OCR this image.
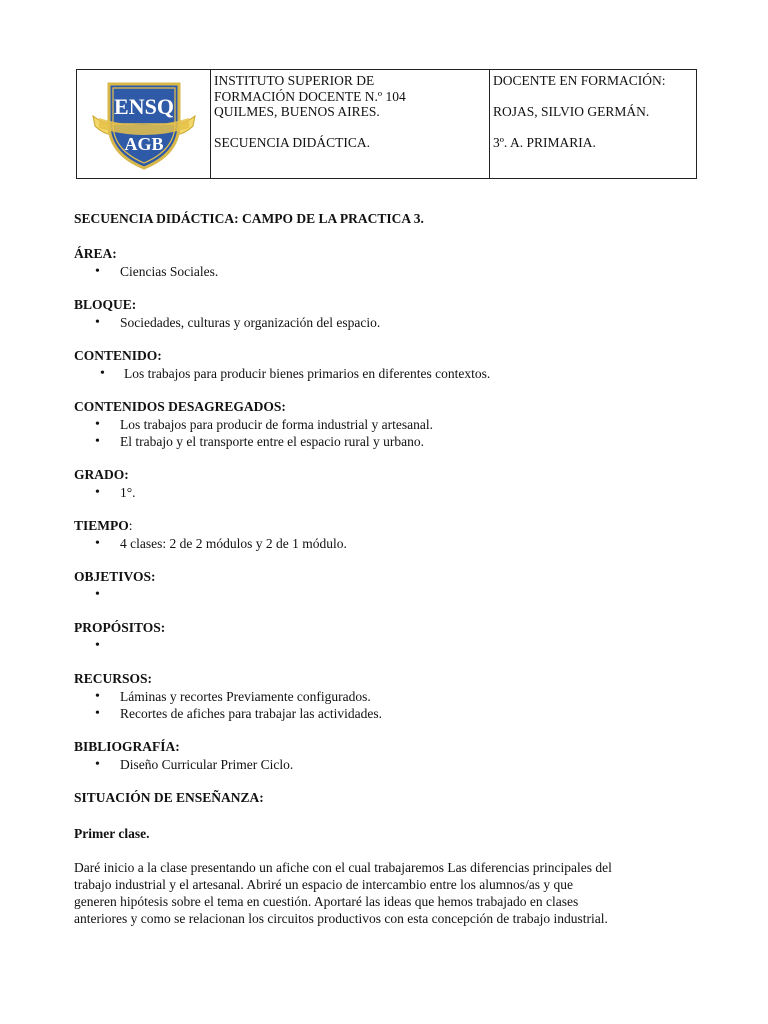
ENSQ
AGB
INSTITUTO SUPERIOR DE
FORMACIÓN DOCENTE N.º 104
QUILMES, BUENOS AIRES.
SECUENCIA DIDÁCTICA.
DOCENTE EN FORMACIÓN:
ROJAS, SILVIO GERMÁN.
3º. A. PRIMARIA.
SECUENCIA DIDÁCTICA: CAMPO DE LA PRACTICA 3.
ÁREA:
• Ciencias Sociales.
BLOQUE:
• Sociedades, culturas y organización del espacio.
CONTENIDO:
• Los trabajos para producir bienes primarios en diferentes contextos.
CONTENIDOS DESAGREGADOS:
• Los trabajos para producir de forma industrial y artesanal.
• El trabajo y el transporte entre el espacio rural y urbano.
GRADO:
• 1°.
TIEMPO:
• 4 clases: 2 de 2 módulos y 2 de 1 módulo.
OBJETIVOS:
•
PROPÓSITOS:
•
RECURSOS:
• Láminas y recortes Previamente configurados.
• Recortes de afiches para trabajar las actividades.
BIBLIOGRAFÍA:
• Diseño Curricular Primer Ciclo.
SITUACIÓN DE ENSEÑANZA:
Primer clase.

Daré inicio a la clase presentando un afiche con el cual trabajaremos Las diferencias principales del

trabajo industrial y el artesanal. Abriré un espacio de intercambio entre los alumnos/as y que

generen hipótesis sobre el tema en cuestión. Aportaré las ideas que hemos trabajado en clases

anteriores y como se relacionan los circuitos productivos con esta concepción de trabajo industrial.
